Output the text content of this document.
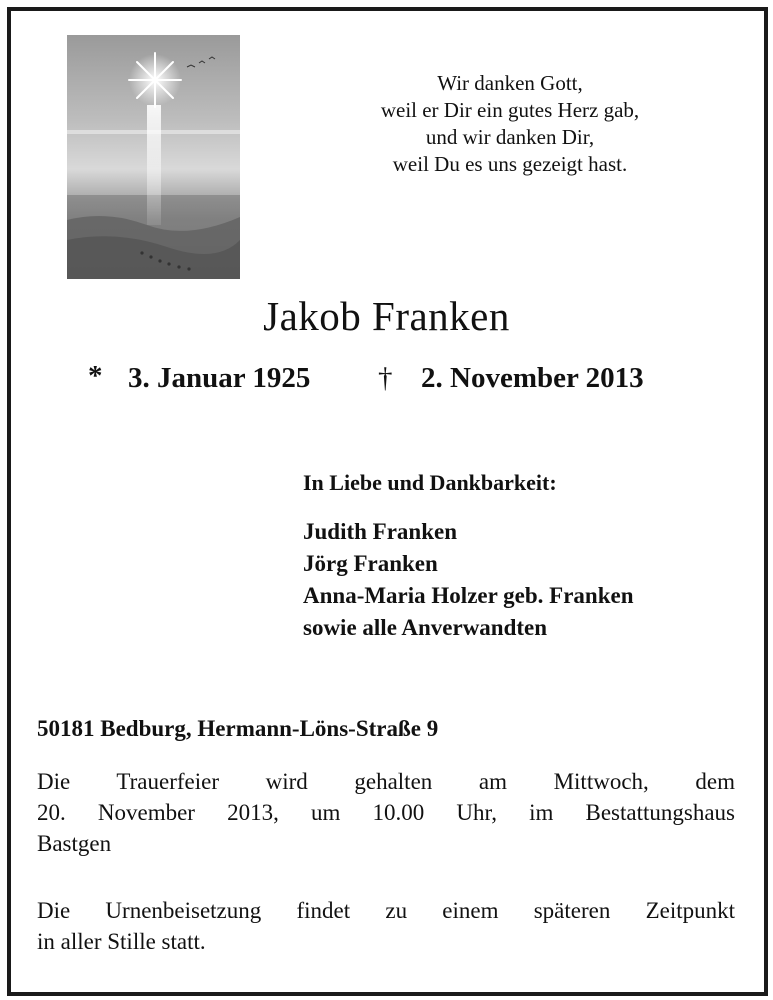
Wir danken Gott,
weil er Dir ein gutes Herz gab,
und wir danken Dir,
weil Du es uns gezeigt hast.
Jakob Franken
* 3. Januar 1925 † 2. November 2013
In Liebe und Dankbarkeit:
Judith Franken
Jörg Franken
Anna-Maria Holzer geb. Franken
sowie alle Anverwandten
50181 Bedburg, Hermann-Löns-Straße 9
Die Trauerfeier wird gehalten am Mittwoch, dem
20. November 2013, um 10.00 Uhr, im Bestattungshaus
Bastgen
Die Urnenbeisetzung findet zu einem späteren Zeitpunkt
in aller Stille statt.
